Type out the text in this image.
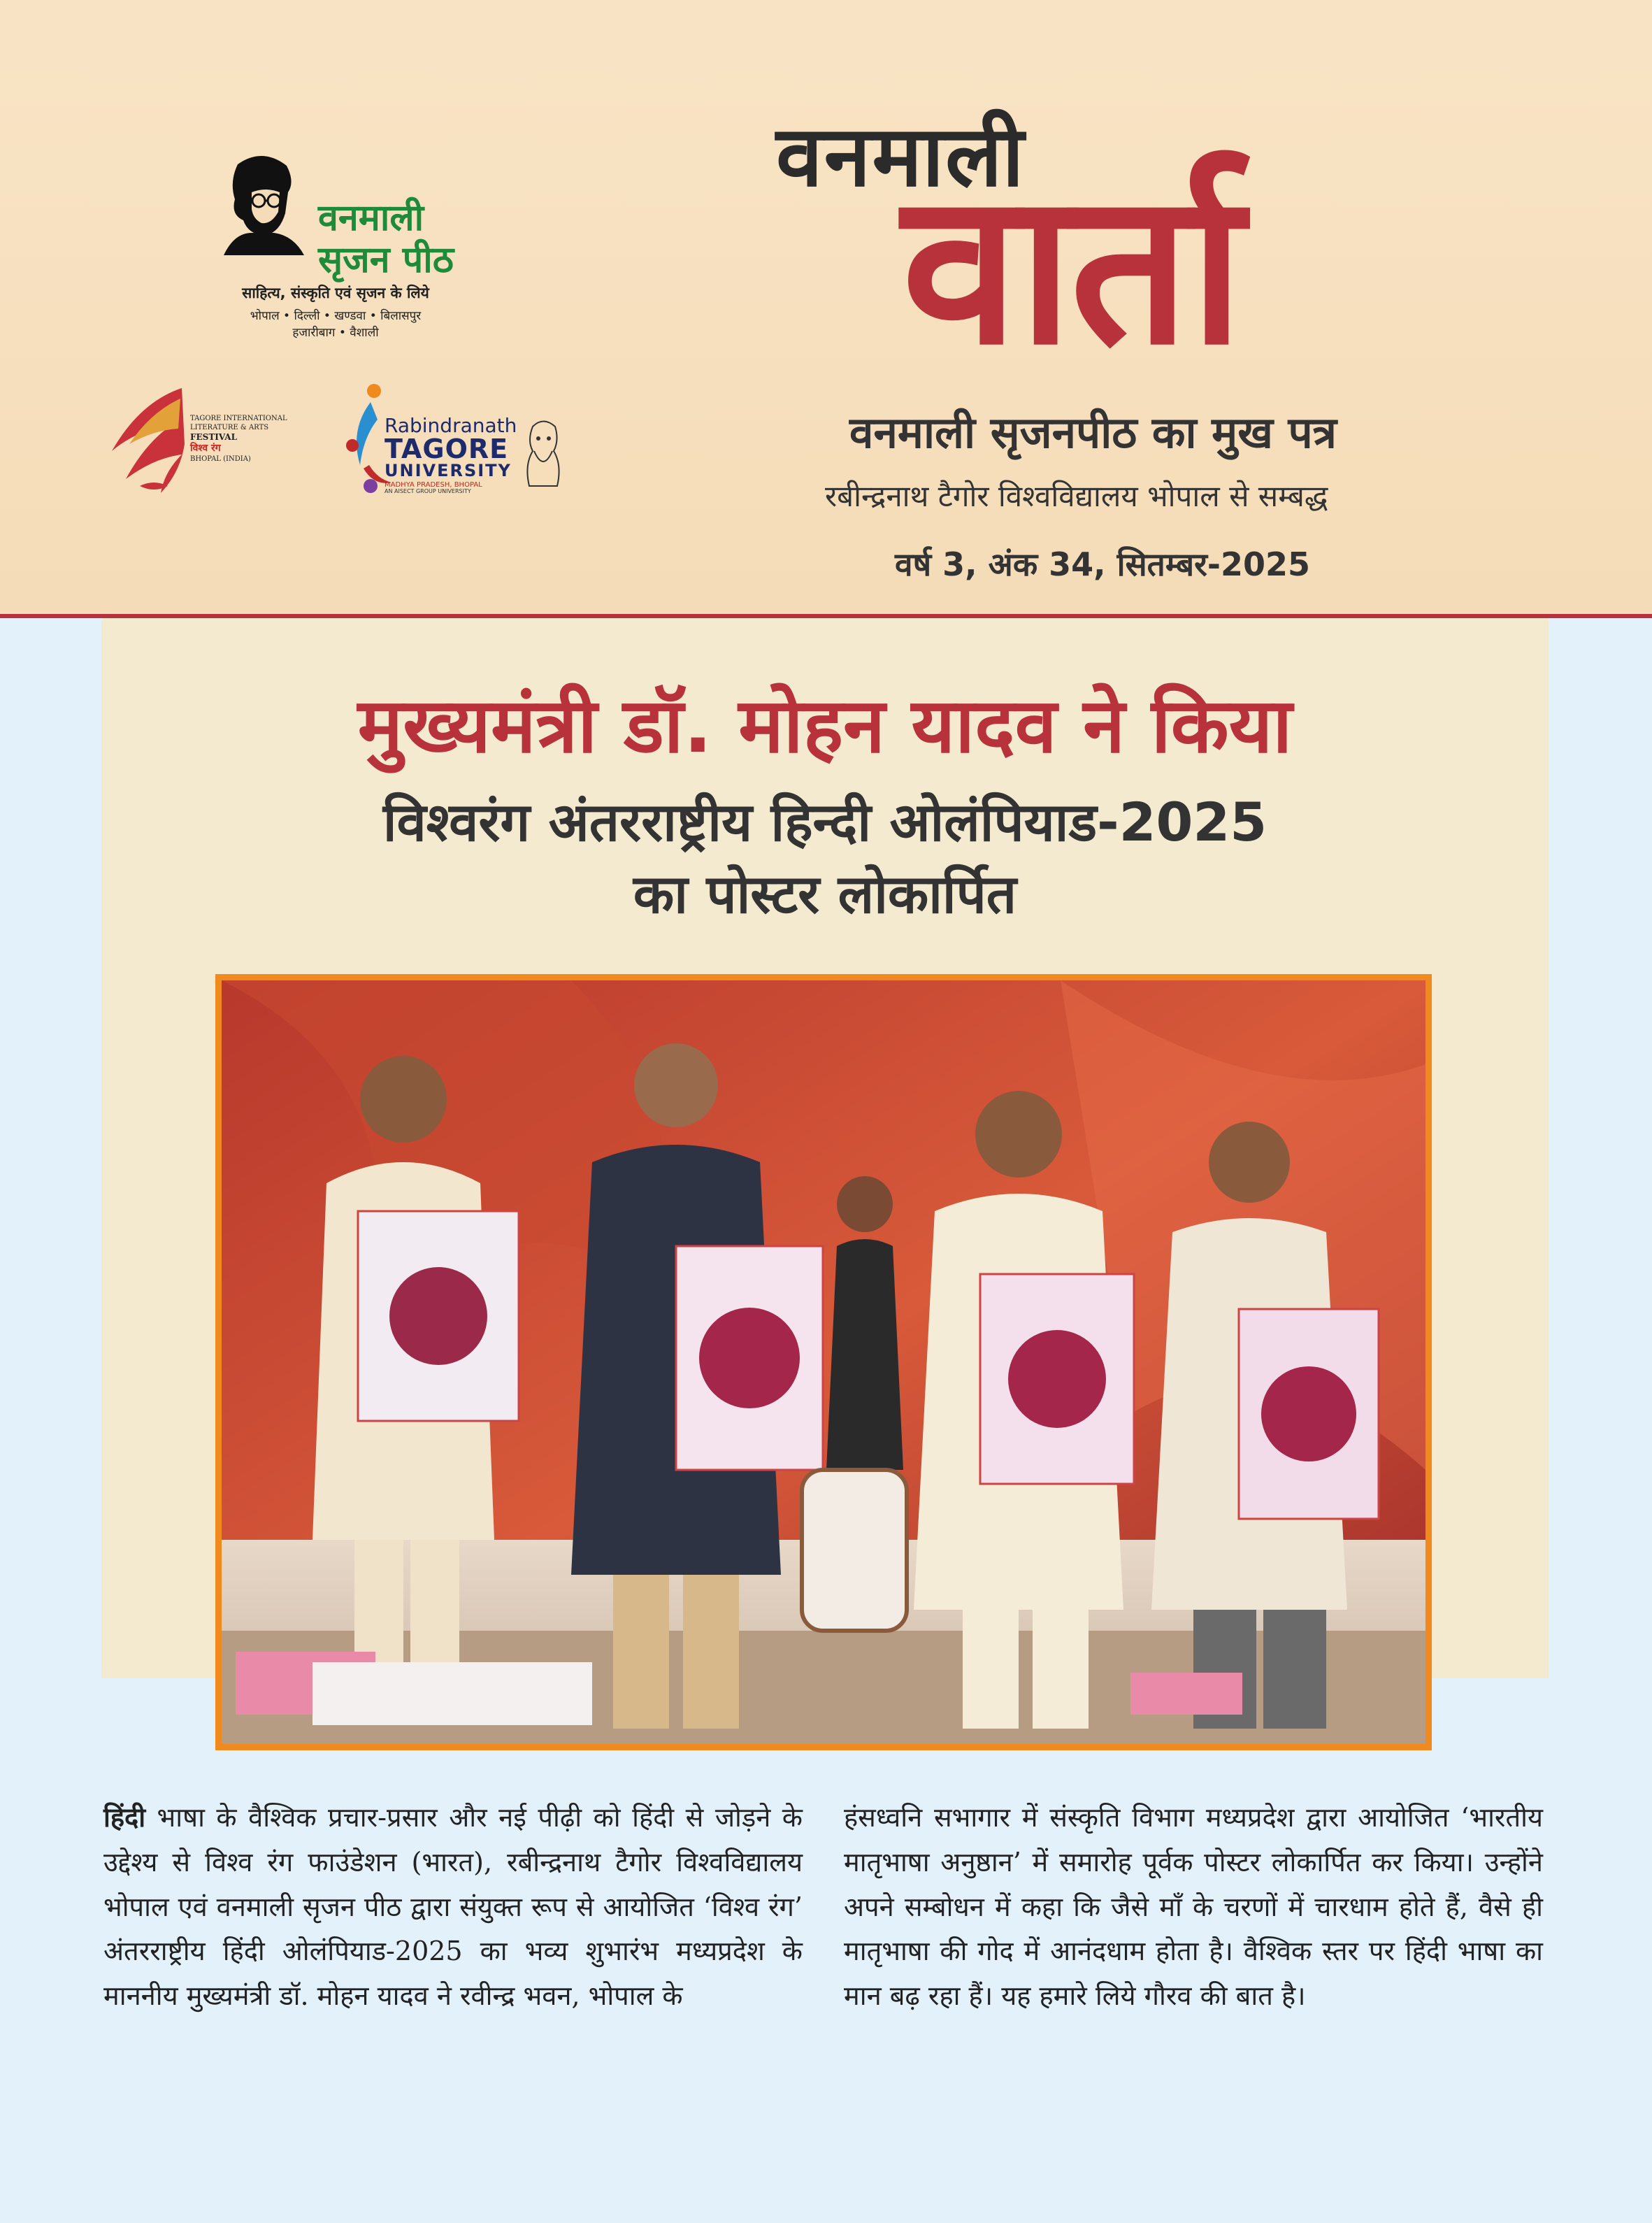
वनमाली
सृजन पीठ
साहित्य, संस्कृति एवं सृजन के लिये
भोपाल • दिल्ली • खण्डवा • बिलासपुर
हजारीबाग • वैशाली
TAGORE INTERNATIONAL
LITERATURE & ARTS
FESTIVAL
विश्व रंग
BHOPAL (INDIA)
Rabindranath
TAGORE
UNIVERSITY
MADHYA PRADESH, BHOPAL
AN AISECT GROUP UNIVERSITY
वनमाली
वार्ता
वनमाली सृजनपीठ का मुख पत्र
रबीन्द्रनाथ टैगोर विश्वविद्यालय भोपाल से सम्बद्ध
वर्ष 3, अंक 34, सितम्बर-2025
मुख्यमंत्री डॉ. मोहन यादव ने किया
विश्वरंग अंतरराष्ट्रीय हिन्दी ओलंपियाड-2025
का पोस्टर लोकार्पित
हिंदी भाषा के वैश्विक प्रचार-प्रसार और नई पीढ़ी को हिंदी से जोड़ने के उद्देश्य से विश्व रंग फाउंडेशन (भारत), रबीन्द्रनाथ टैगोर विश्वविद्यालय भोपाल एवं वनमाली सृजन पीठ द्वारा संयुक्त रूप से आयोजित ‘विश्व रंग’ अंतरराष्ट्रीय हिंदी ओलंपियाड-2025 का भव्य शुभारंभ मध्यप्रदेश के माननीय मुख्यमंत्री डॉ. मोहन यादव ने रवीन्द्र भवन, भोपाल के
हंसध्वनि सभागार में संस्कृति विभाग मध्यप्रदेश द्वारा आयोजित ‘भारतीय मातृभाषा अनुष्ठान’ में समारोह पूर्वक पोस्टर लोकार्पित कर किया। उन्होंने अपने सम्बोधन में कहा कि जैसे माँ के चरणों में चारधाम होते हैं, वैसे ही मातृभाषा की गोद में आनंदधाम होता है। वैश्विक स्तर पर हिंदी भाषा का मान बढ़ रहा हैं। यह हमारे लिये गौरव की बात है।
